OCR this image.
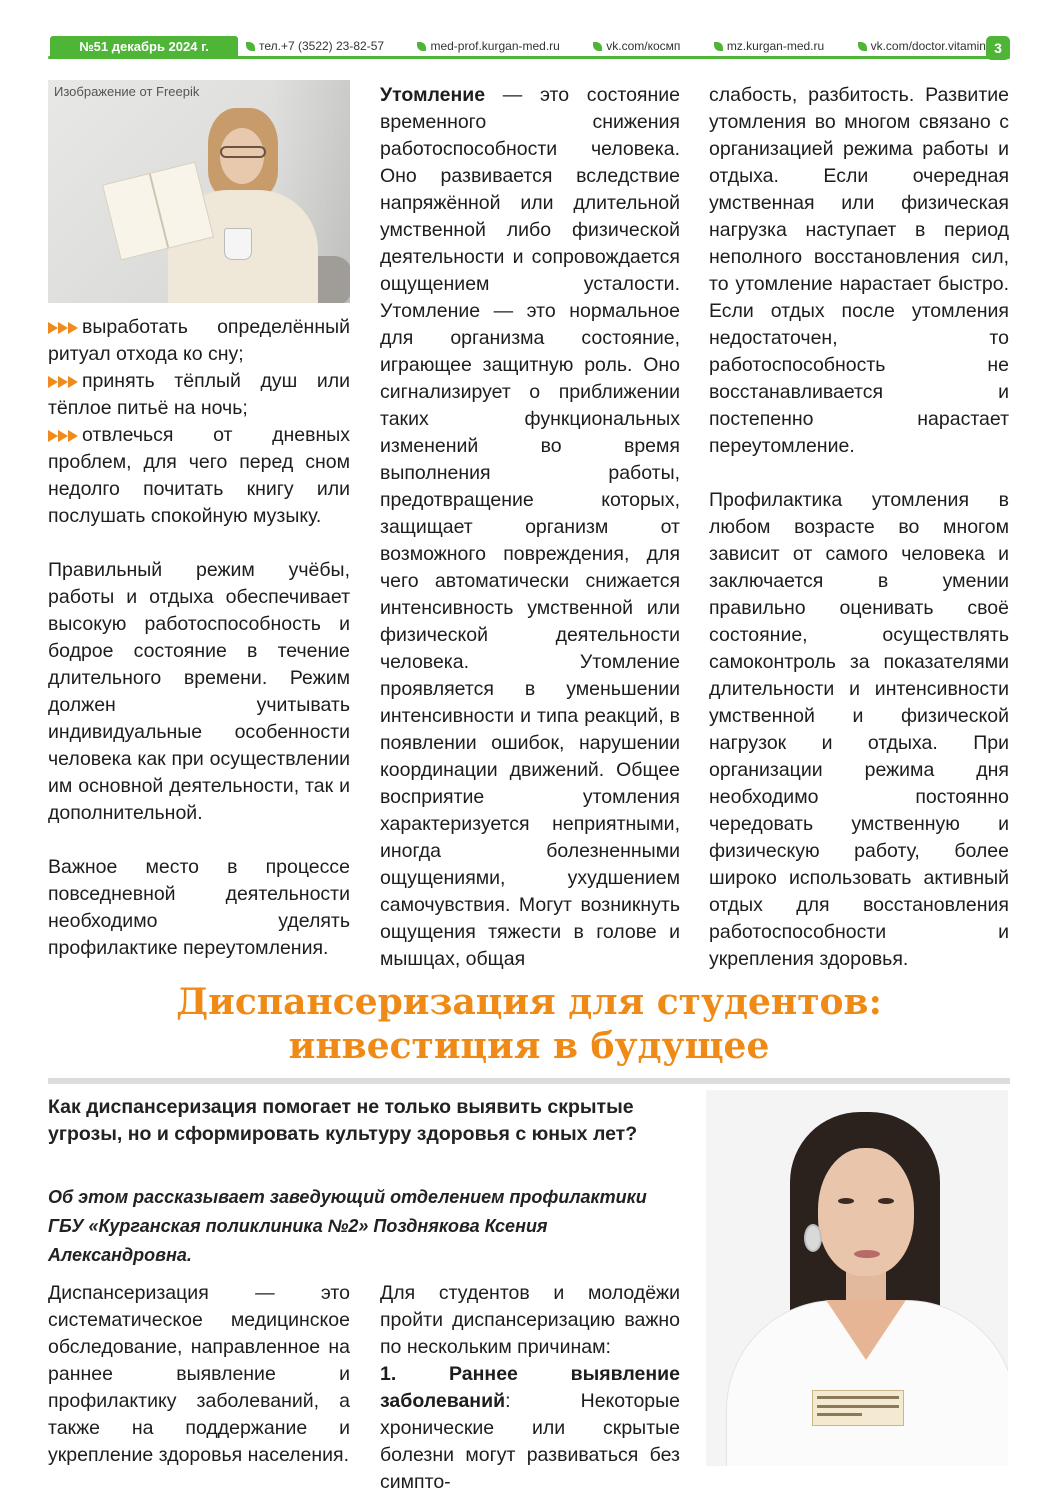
№51 декабрь 2024 г.	тел.+7 (3522) 23-82-57	med-prof.kurgan-med.ru	vk.com/космп	mz.kurgan-med.ru	vk.com/doctor.vitamin 3
Изображение от Freepik

выработать определённый ритуал отхода ко сну;

принять тёплый душ или тёплое питьё на ночь;

отвлечься от дневных проблем, для чего перед сном недолго почитать книгу или послушать спокойную музыку.

Правильный режим учёбы, работы и отдыха обеспечивает высокую работоспособность и бодрое состояние в течение длительного времени. Режим должен учитывать индивидуальные особенности человека как при осуществлении им основной деятельности, так и дополнительной.

Важное место в процессе повседневной деятельности необходимо уделять профилактике переутомления.

Утомление — это состояние временного снижения работоспособности человека. Оно развивается вследствие напряжённой или длительной умственной либо физической деятельности и сопровождается ощущением усталости. Утомление — это нормальное для организма состояние, играющее защитную роль. Оно сигнализирует о приближении таких функциональных изменений во время выполнения работы, предотвращение которых, защищает организм от возможного повреждения, для чего автоматически снижается интенсивность умственной или физической деятельности человека. Утомление проявляется в уменьшении интенсивности и типа реакций, в появлении ошибок, нарушении координации движений. Общее восприятие утомления характеризуется неприятными, иногда болезненными ощущениями, ухудшением самочувствия. Могут возникнуть ощущения тяжести в голове и мышцах, общая

слабость, разбитость. Развитие утомления во многом связано с организацией режима работы и отдыха. Если очередная умственная или физическая нагрузка наступает в период неполного восстановления сил, то утомление нарастает быстро. Если отдых после утомления недостаточен, то работоспособность не восстанавливается и постепенно нарастает переутомление.

Профилактика утомления в любом возрасте во многом зависит от самого человека и заключается в умении правильно оценивать своё состояние, осуществлять самоконтроль за показателями длительности и интенсивности умственной и физической нагрузок и отдыха. При организации режима дня необходимо постоянно чередовать умственную и физическую работу, более широко использовать активный отдых для восстановления работоспособности и укрепления здоровья.

Диспансеризация для студентов:
инвестиция в будущее
Как диспансеризация помогает не только выявить скрытые угрозы, но и сформировать культуру здоровья с юных лет?
Об этом рассказывает заведующий отделением профилактики ГБУ «Курганская поликлиника №2» Позднякова Ксения Александровна.

Диспансеризация — это систематическое медицинское обследование, направленное на раннее выявление и профилактику заболеваний, а также на поддержание и укрепление здоровья населения.

Для студентов и молодёжи пройти диспансеризацию важно по нескольким причинам:

1. Раннее выявление заболеваний: Некоторые хронические или скрытые болезни могут развиваться без симпто-
